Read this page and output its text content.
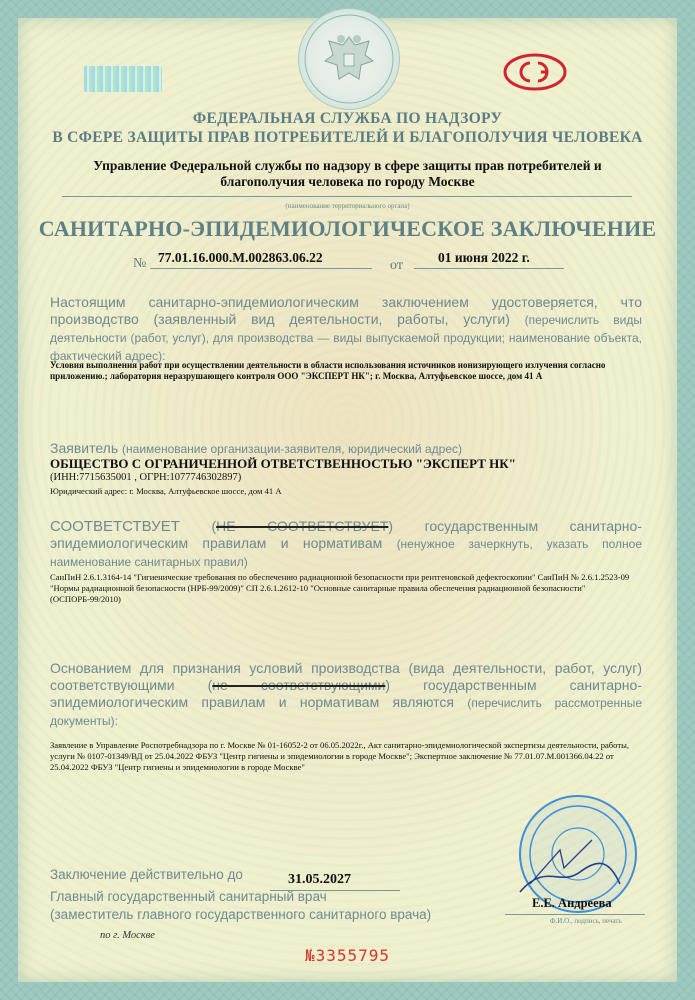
ФЕДЕРАЛЬНАЯ СЛУЖБА ПО НАДЗОРУ
В СФЕРЕ ЗАЩИТЫ ПРАВ ПОТРЕБИТЕЛЕЙ И БЛАГОПОЛУЧИЯ ЧЕЛОВЕКА
Управление Федеральной службы по надзору в сфере защиты прав потребителей и благополучия человека по городу Москве
(наименование территориального органа)
САНИТАРНО-ЭПИДЕМИОЛОГИЧЕСКОЕ ЗАКЛЮЧЕНИЕ
№ 77.01.16.000.М.002863.06.22
от
01 июня 2022 г.
Настоящим санитарно-эпидемиологическим заключением удостоверяется, что производство (заявленный вид деятельности, работы, услуги) (перечислить виды деятельности (работ, услуг), для производства — виды выпускаемой продукции; наименование объекта, фактический адрес):
Условия выполнения работ при осуществлении деятельности в области использования источников ионизирующего излучения согласно приложению.; лаборатория неразрушающего контроля ООО "ЭКСПЕРТ НК"; г. Москва, Алтуфьевское шоссе, дом 41 А
Заявитель (наименование организации-заявителя, юридический адрес)
ОБЩЕСТВО С ОГРАНИЧЕННОЙ ОТВЕТСТВЕННОСТЬЮ "ЭКСПЕРТ НК"
(ИНН:7715635001 , ОГРН:1077746302897)
Юридический адрес: г. Москва, Алтуфьевское шоссе, дом 41 А
СООТВЕТСТВУЕТ (НЕ СООТВЕТСТВУЕТ) государственным санитарно-эпидемиологическим правилам и нормативам (ненужное зачеркнуть, указать полное наименование санитарных правил)
СанПиН 2.6.1.3164-14 "Гигиенические требования по обеспечению радиационной безопасности при рентгеновской дефектоскопии" СанПиН № 2.6.1.2523-09 "Нормы радиационной безопасности (НРБ-99/2009)" СП 2.6.1.2612-10 "Основные санитарные правила обеспечения радиационной безопасности" (ОСПОРБ-99/2010)
Основанием для признания условий производства (вида деятельности, работ, услуг) соответствующими (не соответствующими) государственным санитарно-эпидемиологическим правилам и нормативам являются (перечислить рассмотренные документы):
Заявление в Управление Роспотребнадзора по г. Москве № 01-16052-2 от 06.05.2022г., Акт санитарно-эпидемиологической экспертизы деятельности, работы, услуги № 0107-01349/ВД от 25.04.2022 ФБУЗ "Центр гигиены и эпидемиологии в городе Москве"; Экспертное заключение № 77.01.07.М.001366.04.22 от 25.04.2022 ФБУЗ "Центр гигиены и эпидемиологии в городе Москве"
Заключение действительно до	31.05.2027
Главный государственный санитарный врач
(заместитель главного государственного санитарного врача)
по г. Москве
Е.Е. Андреева
Ф.И.О., подпись, печать
№3355795
